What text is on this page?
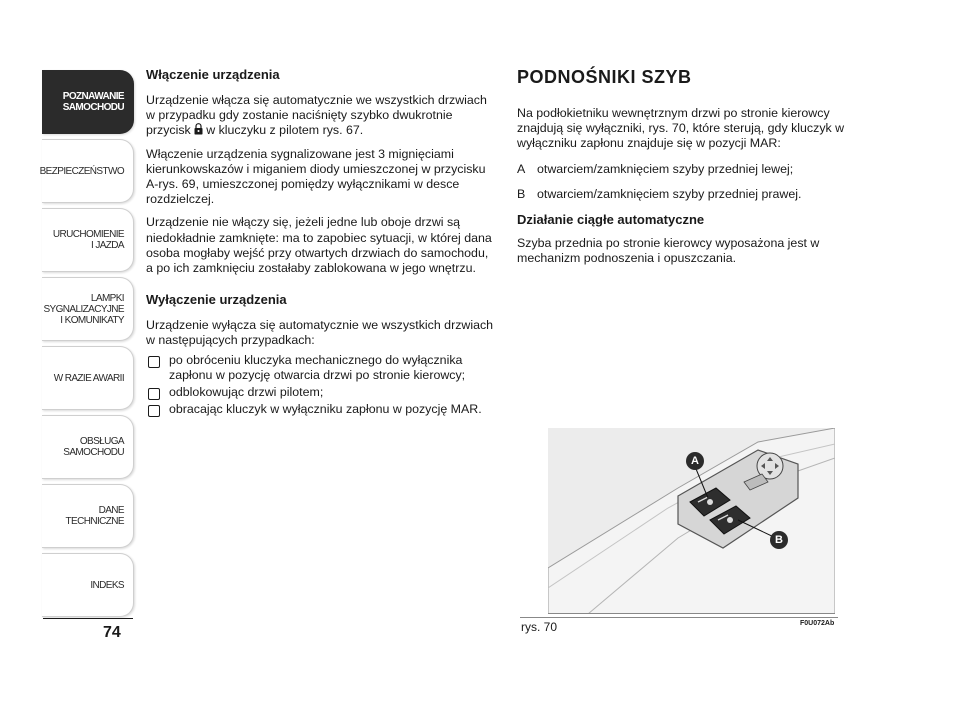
POZNAWANIE
SAMOCHODU
BEZPIECZEŃSTWO
URUCHOMIENIE
I JAZDA
LAMPKI
SYGNALIZACYJNE
I KOMUNIKATY
W RAZIE AWARII
OBSŁUGA
SAMOCHODU
DANE
TECHNICZNE
INDEKS
74
Włączenie urządzenia

Urządzenie włącza się automatycznie we wszystkich drzwiach w przypadku gdy zostanie naciśnięty szybko dwukrotnie przycisk w kluczyku z pilotem rys. 67.

Włączenie urządzenia sygnalizowane jest 3 mignięciami kierunkowskazów i miganiem diody umieszczonej w przycisku A-rys. 69, umieszczonej pomiędzy wyłącznikami w desce rozdzielczej.

Urządzenie nie włączy się, jeżeli jedne lub oboje drzwi są niedokładnie zamknięte: ma to zapobiec sytuacji, w której dana osoba mogłaby wejść przy otwartych drzwiach do samochodu, a po ich zamknięciu zostałaby zablokowana w jego wnętrzu.

Wyłączenie urządzenia

Urządzenie wyłącza się automatycznie we wszystkich drzwiach w następujących przypadkach:

po obróceniu kluczyka mechanicznego do wyłącznika zapłonu w pozycję otwarcia drzwi po stronie kierowcy;
odblokowując drzwi pilotem;
obracając kluczyk w wyłączniku zapłonu w pozycję MAR.
PODNOŚNIKI SZYB

Na podłokietniku wewnętrznym drzwi po stronie kierowcy znajdują się wyłączniki, rys. 70, które sterują, gdy kluczyk w wyłączniku zapłonu znajduje się w pozycji MAR:

A otwarciem/zamknięciem szyby przedniej lewej;
B otwarciem/zamknięciem szyby przedniej prawej.
Działanie ciągłe automatyczne

Szyba przednia po stronie kierowcy wyposażona jest w mechanizm podnoszenia i opuszczania.

A
B
rys. 70	F0U072Ab
